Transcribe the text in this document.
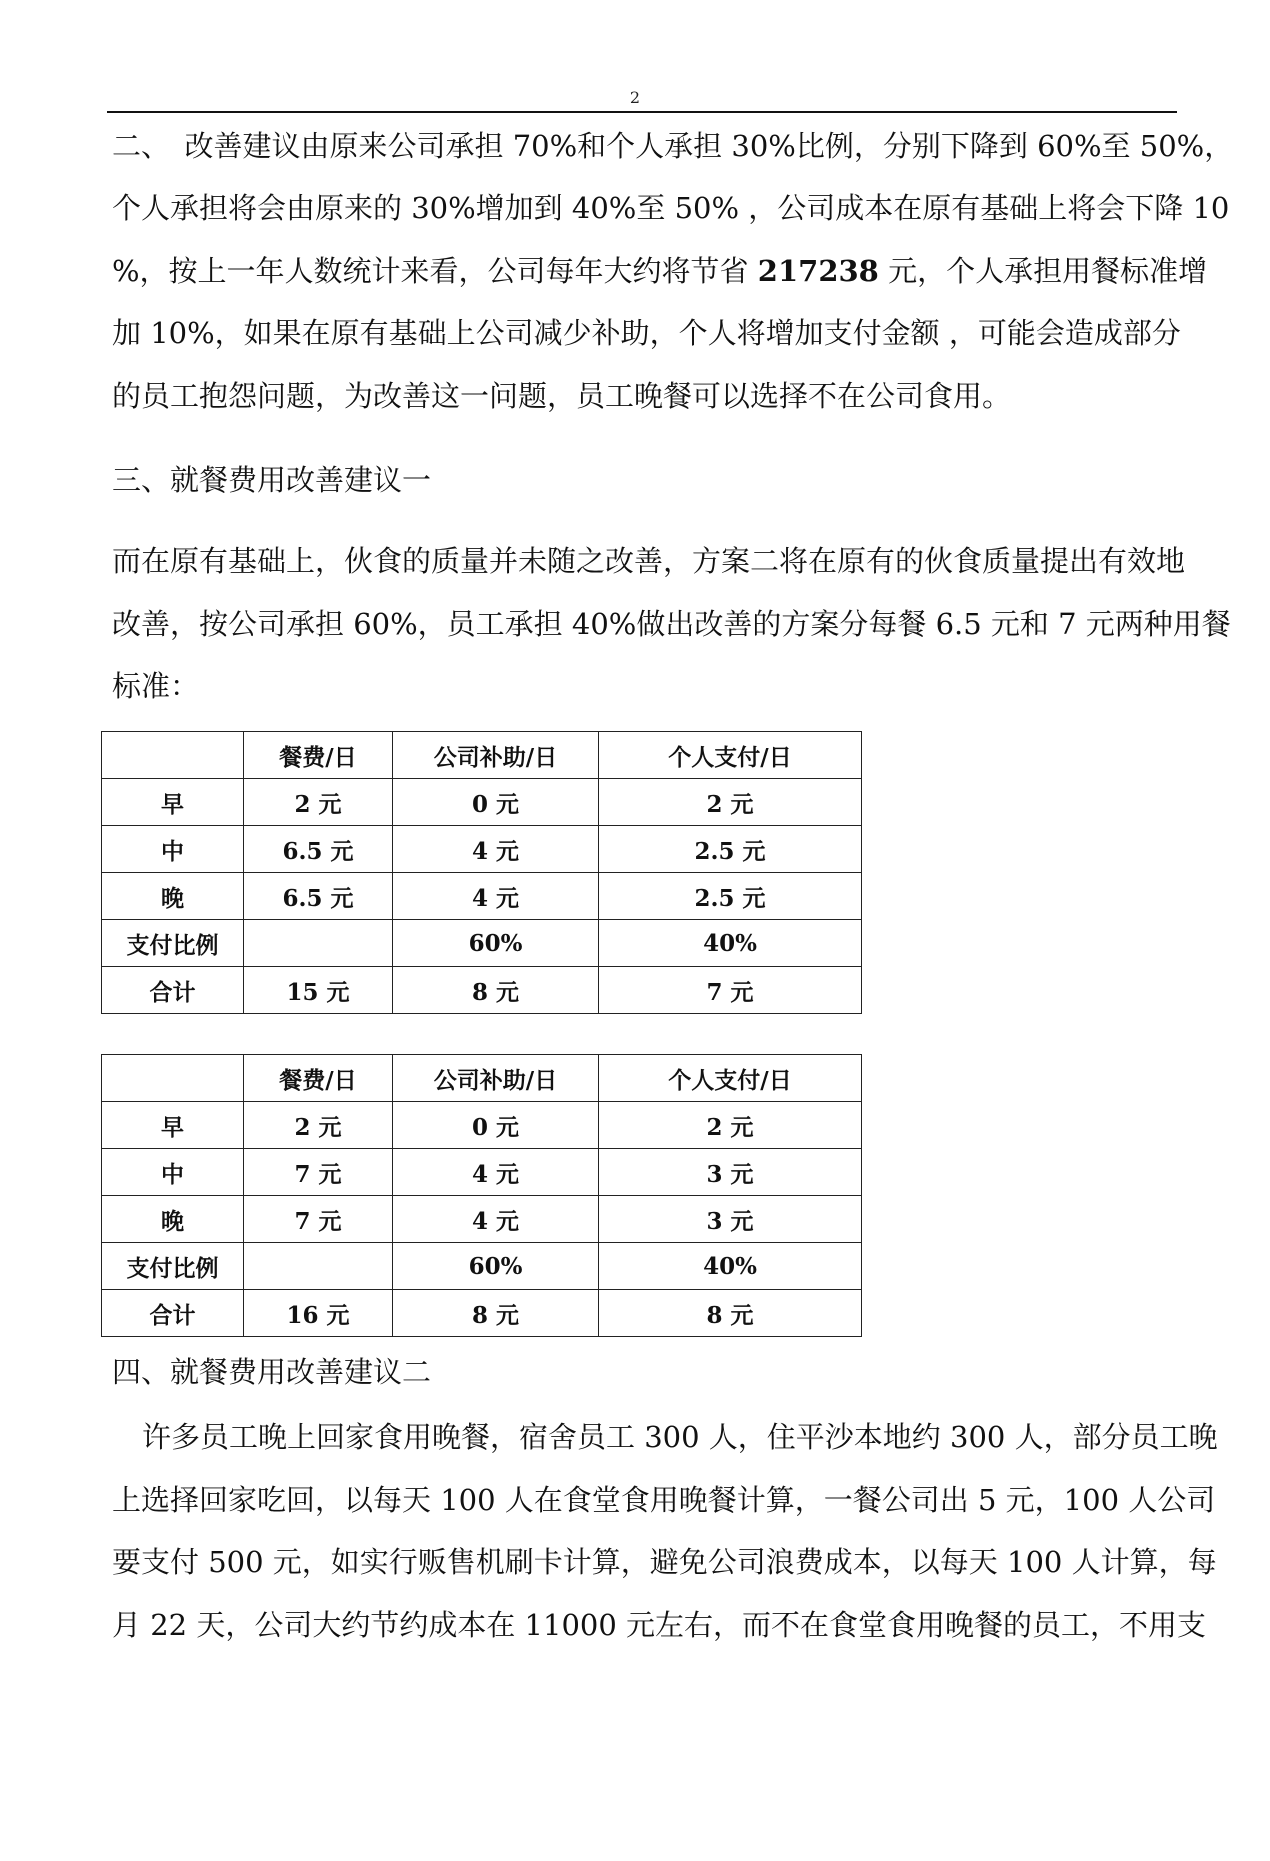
2
二、　改善建议由原来公司承担 70%和个人承担 30%比例，分别下降到 60%至 50%，
个人承担将会由原来的 30%增加到 40%至 50% ，公司成本在原有基础上将会下降 10
%，按上一年人数统计来看，公司每年大约将节省 217238 元，个人承担用餐标准增
加 10%，如果在原有基础上公司减少补助，个人将增加支付金额 ，可能会造成部分
的员工抱怨问题，为改善这一问题，员工晚餐可以选择不在公司食用。
三、就餐费用改善建议一
而在原有基础上，伙食的质量并未随之改善，方案二将在原有的伙食质量提出有效地
改善，按公司承担 60%，员工承担 40%做出改善的方案分每餐 6.5 元和 7 元两种用餐
标准：
	餐费/日	公司补助/日	个人支付/日
早	2 元	0 元	2 元
中	6.5 元	4 元	2.5 元
晚	6.5 元	4 元	2.5 元
支付比例		60%	40%
合计	15 元	8 元	7 元
	餐费/日	公司补助/日	个人支付/日
早	2 元	0 元	2 元
中	7 元	4 元	3 元
晚	7 元	4 元	3 元
支付比例		60%	40%
合计	16 元	8 元	8 元
四、就餐费用改善建议二
许多员工晚上回家食用晚餐，宿舍员工 300 人，住平沙本地约 300 人，部分员工晚
上选择回家吃回，以每天 100 人在食堂食用晚餐计算，一餐公司出 5 元，100 人公司
要支付 500 元，如实行贩售机刷卡计算，避免公司浪费成本，以每天 100 人计算，每
月 22 天，公司大约节约成本在 11000 元左右，而不在食堂食用晚餐的员工，不用支
